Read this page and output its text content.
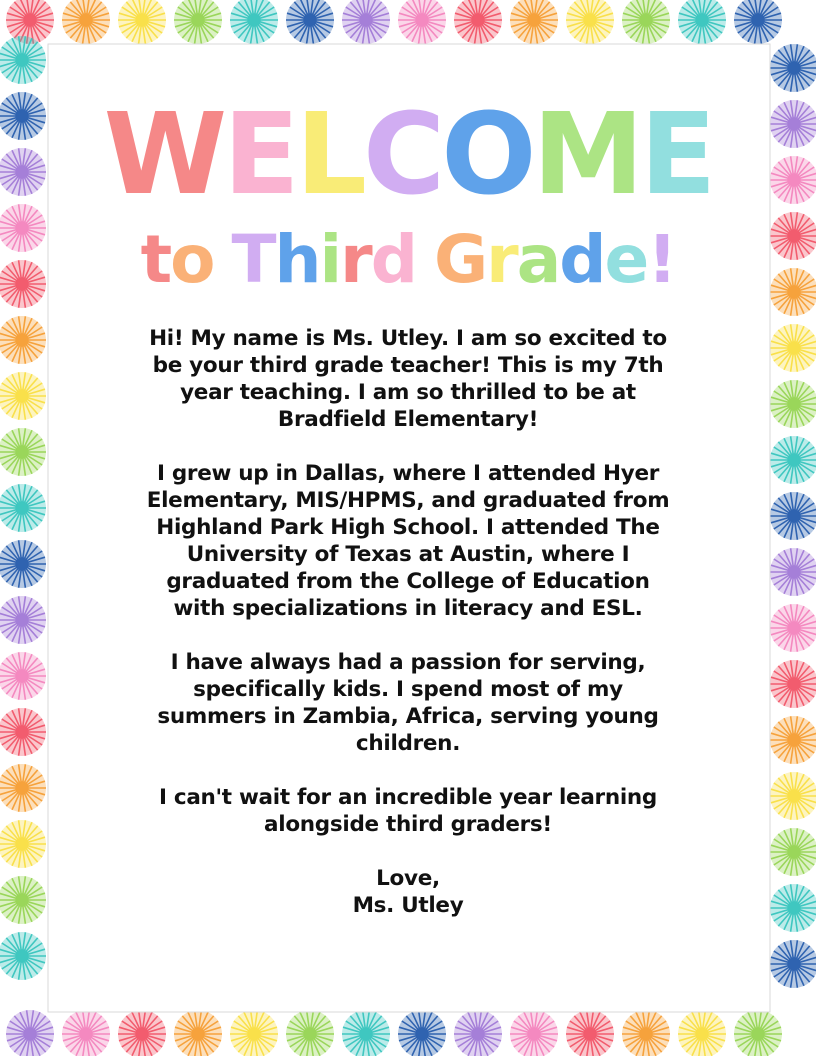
WELCOME
to Third Grade!

Hi! My name is Ms. Utley. I am so excited to
be your third grade teacher! This is my 7th
year teaching. I am so thrilled to be at
Bradfield Elementary!

I grew up in Dallas, where I attended Hyer
Elementary, MIS/HPMS, and graduated from
Highland Park High School. I attended The
University of Texas at Austin, where I
graduated from the College of Education
with specializations in literacy and ESL.

I have always had a passion for serving,
specifically kids. I spend most of my
summers in Zambia, Africa, serving young
children.

I can't wait for an incredible year learning
alongside third graders!

Love,

Ms. Utley
